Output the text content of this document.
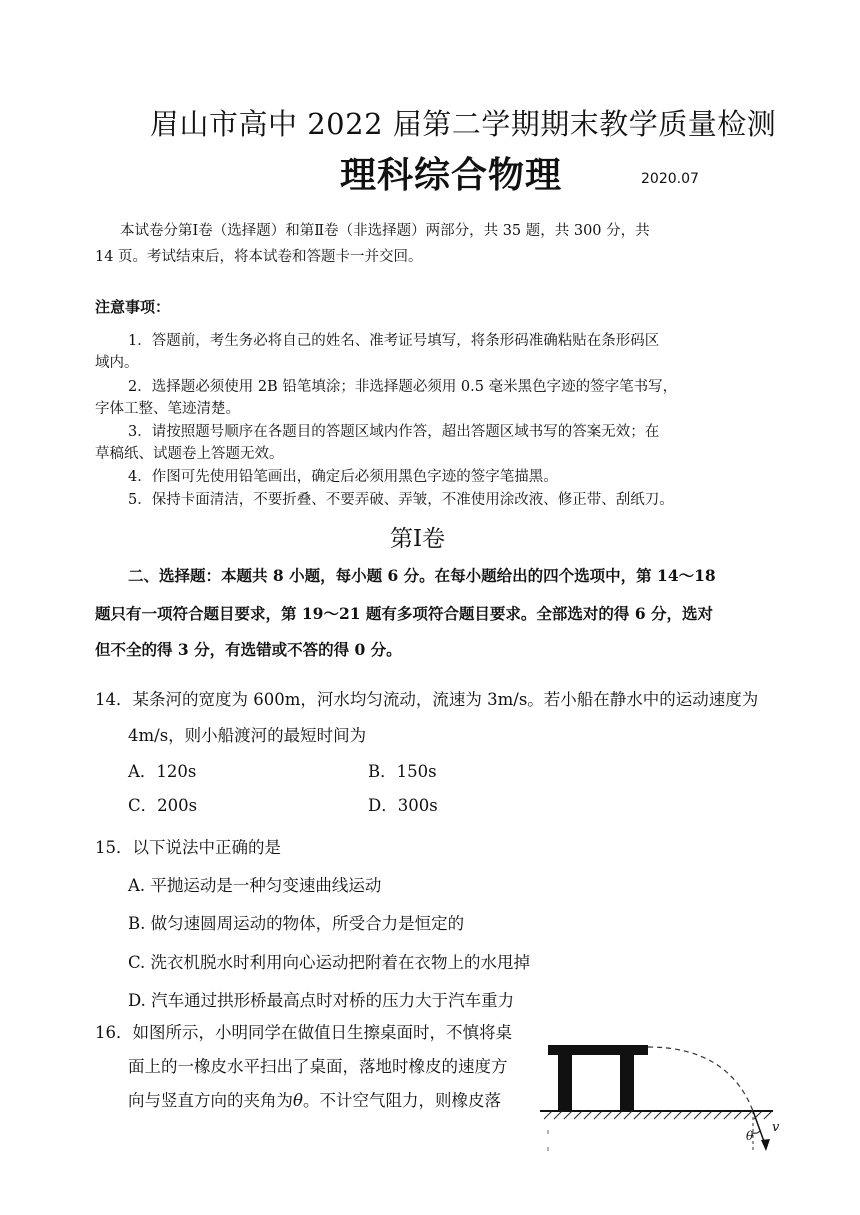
眉山市高中 2022 届第二学期期末教学质量检测
理科综合物理	2020.07
本试卷分第Ⅰ卷（选择题）和第Ⅱ卷（非选择题）两部分，共 35 题，共 300 分，共
14 页。考试结束后，将本试卷和答题卡一并交回。
注意事项：
1．答题前，考生务必将自己的姓名、准考证号填写，将条形码准确粘贴在条形码区
域内。
2．选择题必须使用 2B 铅笔填涂；非选择题必须用 0.5 毫米黑色字迹的签字笔书写，
字体工整、笔迹清楚。
3．请按照题号顺序在各题目的答题区域内作答，超出答题区域书写的答案无效；在
草稿纸、试题卷上答题无效。
4．作图可先使用铅笔画出，确定后必须用黑色字迹的签字笔描黑。
5．保持卡面清洁，不要折叠、不要弄破、弄皱，不准使用涂改液、修正带、刮纸刀。
第Ⅰ卷
二、选择题：本题共 8 小题，每小题 6 分。在每小题给出的四个选项中，第 14～18
题只有一项符合题目要求，第 19～21 题有多项符合题目要求。全部选对的得 6 分，选对
但不全的得 3 分，有选错或不答的得 0 分。
14．某条河的宽度为 600m，河水均匀流动，流速为 3m/s。若小船在静水中的运动速度为
4m/s，则小船渡河的最短时间为
A．120s	B．150s
C．200s	D．300s
15．以下说法中正确的是
A. 平抛运动是一种匀变速曲线运动
B. 做匀速圆周运动的物体，所受合力是恒定的
C. 洗衣机脱水时利用向心运动把附着在衣物上的水甩掉
D. 汽车通过拱形桥最高点时对桥的压力大于汽车重力
16．如图所示，小明同学在做值日生擦桌面时，不慎将桌
面上的一橡皮水平扫出了桌面，落地时橡皮的速度方
向与竖直方向的夹角为θ。不计空气阻力，则橡皮落
θ
v
